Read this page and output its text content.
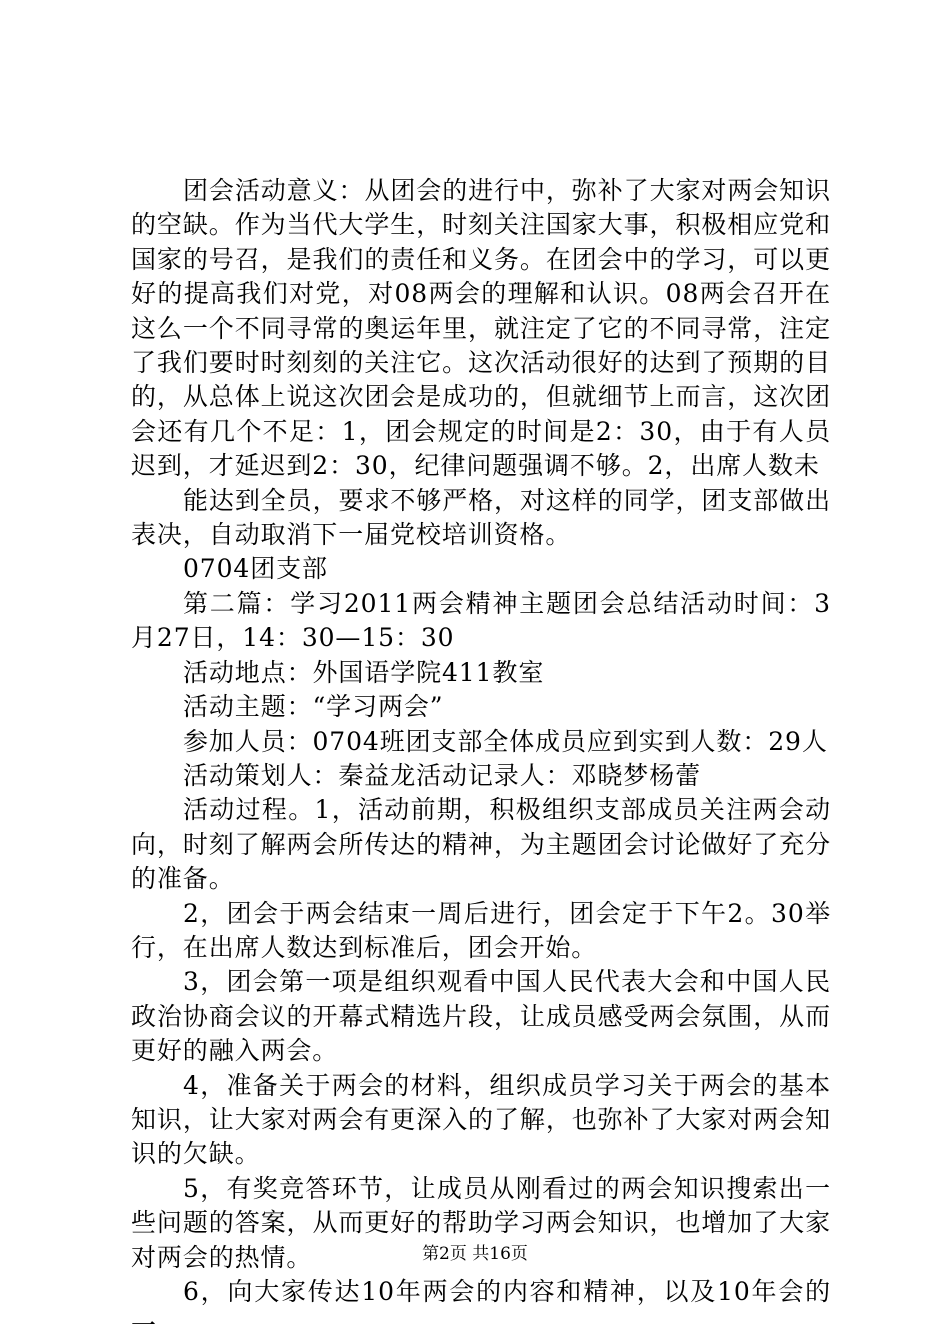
团会活动意义：从团会的进行中，弥补了大家对两会知识的空缺。作为当代大学生，时刻关注国家大事，积极相应党和国家的号召，是我们的责任和义务。在团会中的学习，可以更好的提高我们对党，对08两会的理解和认识。08两会召开在这么一个不同寻常的奥运年里，就注定了它的不同寻常，注定了我们要时时刻刻的关注它。这次活动很好的达到了预期的目的，从总体上说这次团会是成功的，但就细节上而言，这次团会还有几个不足：1，团会规定的时间是2：30，由于有人员迟到，才延迟到2：30，纪律问题强调不够。2，出席人数未

能达到全员，要求不够严格，对这样的同学，团支部做出表决，自动取消下一届党校培训资格。

0704团支部

第二篇：学习2011两会精神主题团会总结活动时间：3月27日，14：30—15：30

活动地点：外国语学院411教室

活动主题：“学习两会”

参加人员：0704班团支部全体成员应到实到人数：29人

活动策划人：秦益龙活动记录人：邓晓梦杨蕾

活动过程。1，活动前期，积极组织支部成员关注两会动向，时刻了解两会所传达的精神，为主题团会讨论做好了充分的准备。

2，团会于两会结束一周后进行，团会定于下午2。30举行，在出席人数达到标准后，团会开始。

3，团会第一项是组织观看中国人民代表大会和中国人民政治协商会议的开幕式精选片段，让成员感受两会氛围，从而更好的融入两会。

4，准备关于两会的材料，组织成员学习关于两会的基本知识，让大家对两会有更深入的了解，也弥补了大家对两会知识的欠缺。

5，有奖竞答环节，让成员从刚看过的两会知识搜索出一些问题的答案，从而更好的帮助学习两会知识，也增加了大家对两会的热情。

6，向大家传达10年两会的内容和精神，以及10年会的一

第2页 共16页
